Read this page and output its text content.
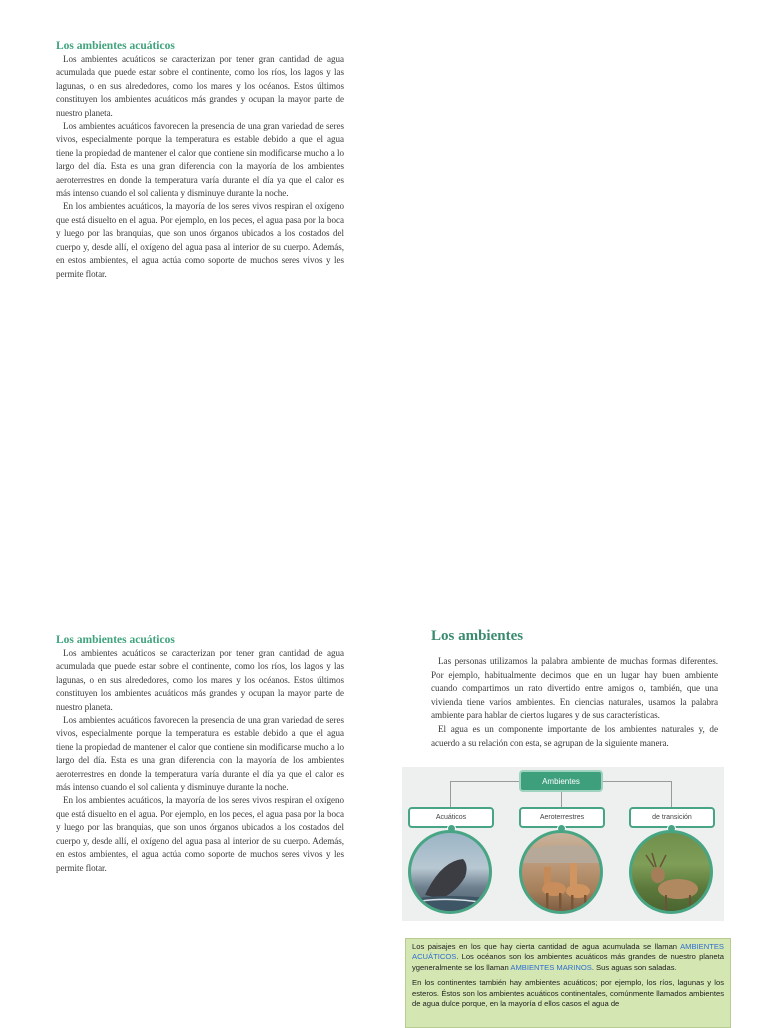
Los ambientes acuáticos

Los ambientes acuáticos se caracterizan por tener gran cantidad de agua acumulada que puede estar sobre el continente, como los ríos, los lagos y las lagunas, o en sus alrededores, como los mares y los océanos. Estos últimos constituyen los ambientes acuáticos más grandes y ocupan la mayor parte de nuestro planeta.

Los ambientes acuáticos favorecen la presencia de una gran variedad de seres vivos, especialmente porque la temperatura es estable debido a que el agua tiene la propiedad de mantener el calor que contiene sin modificarse mucho a lo largo del día. Esta es una gran diferencia con la mayoría de los ambientes aeroterrestres en donde la temperatura varía durante el día ya que el calor es más intenso cuando el sol calienta y disminuye durante la noche.

En los ambientes acuáticos, la mayoría de los seres vivos respiran el oxígeno que está disuelto en el agua. Por ejemplo, en los peces, el agua pasa por la boca y luego por las branquias, que son unos órganos ubicados a los costados del cuerpo y, desde allí, el oxígeno del agua pasa al interior de su cuerpo. Además, en estos ambientes, el agua actúa como soporte de muchos seres vivos y les permite flotar.

Los ambientes acuáticos

Los ambientes acuáticos se caracterizan por tener gran cantidad de agua acumulada que puede estar sobre el continente, como los ríos, los lagos y las lagunas, o en sus alrededores, como los mares y los océanos. Estos últimos constituyen los ambientes acuáticos más grandes y ocupan la mayor parte de nuestro planeta.

Los ambientes acuáticos favorecen la presencia de una gran variedad de seres vivos, especialmente porque la temperatura es estable debido a que el agua tiene la propiedad de mantener el calor que contiene sin modificarse mucho a lo largo del día. Esta es una gran diferencia con la mayoría de los ambientes aeroterrestres en donde la temperatura varía durante el día ya que el calor es más intenso cuando el sol calienta y disminuye durante la noche.

En los ambientes acuáticos, la mayoría de los seres vivos respiran el oxígeno que está disuelto en el agua. Por ejemplo, en los peces, el agua pasa por la boca y luego por las branquias, que son unos órganos ubicados a los costados del cuerpo y, desde allí, el oxígeno del agua pasa al interior de su cuerpo. Además, en estos ambientes, el agua actúa como soporte de muchos seres vivos y les permite flotar.

Los ambientes

Las personas utilizamos la palabra ambiente de muchas formas diferentes. Por ejemplo, habitualmente decimos que en un lugar hay buen ambiente cuando compartimos un rato divertido entre amigos o, también, que una vivienda tiene varios ambientes. En ciencias naturales, usamos la palabra ambiente para hablar de ciertos lugares y de sus características.

El agua es un componente importante de los ambientes naturales y, de acuerdo a su relación con esta, se agrupan de la siguiente manera.

Ambientes
Acuáticos	Aeroterrestres	de transición

Los paisajes en los que hay cierta cantidad de agua acumulada se llaman AMBIENTES ACUÁTICOS. Los océanos son los ambientes acuáticos más grandes de nuestro planeta ygeneralmente se los llaman AMBIENTES MARINOS. Sus aguas son saladas.

En los continentes también hay ambientes acuáticos; por ejemplo, los ríos, lagunas y los esteros. Éstos son los ambientes acuáticos continentales, comúnmente llamados ambientes de agua dulce porque, en la mayoría d ellos casos el agua de
